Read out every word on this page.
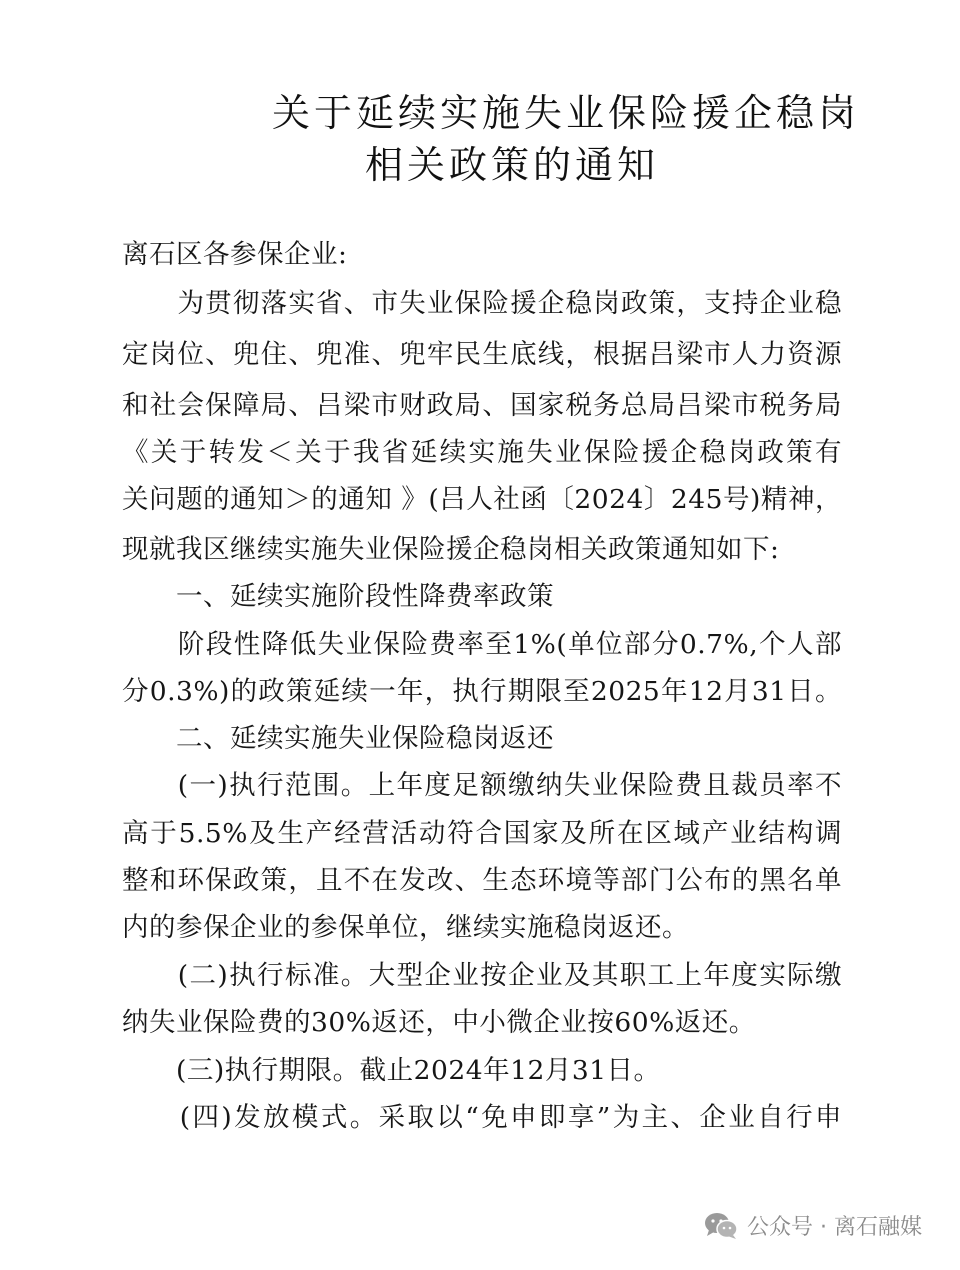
关于延续实施失业保险援企稳岗
相关政策的通知
离石区各参保企业:
　　为贯彻落实省、市失业保险援企稳岗政策，支持企业稳
定岗位、兜住、兜准、兜牢民生底线，根据吕梁市人力资源
和社会保障局、吕梁市财政局、国家税务总局吕梁市税务局
《关于转发＜关于我省延续实施失业保险援企稳岗政策有
关问题的通知＞的通知 》(吕人社函〔2024〕245号)精神，
现就我区继续实施失业保险援企稳岗相关政策通知如下:
　　一、延续实施阶段性降费率政策
　　阶段性降低失业保险费率至1%(单位部分0.7%,个人部
分0.3%)的政策延续一年，执行期限至2025年12月31日。
　　二、延续实施失业保险稳岗返还
　　(一)执行范围。上年度足额缴纳失业保险费且裁员率不
高于5.5%及生产经营活动符合国家及所在区域产业结构调
整和环保政策，且不在发改、生态环境等部门公布的黑名单
内的参保企业的参保单位，继续实施稳岗返还。
　　(二)执行标准。大型企业按企业及其职工上年度实际缴
纳失业保险费的30%返还，中小微企业按60%返还。
　　(三)执行期限。截止2024年12月31日。
　　(四)发放模式。采取以“免申即享”为主、企业自行申
公众号 · 离石融媒
